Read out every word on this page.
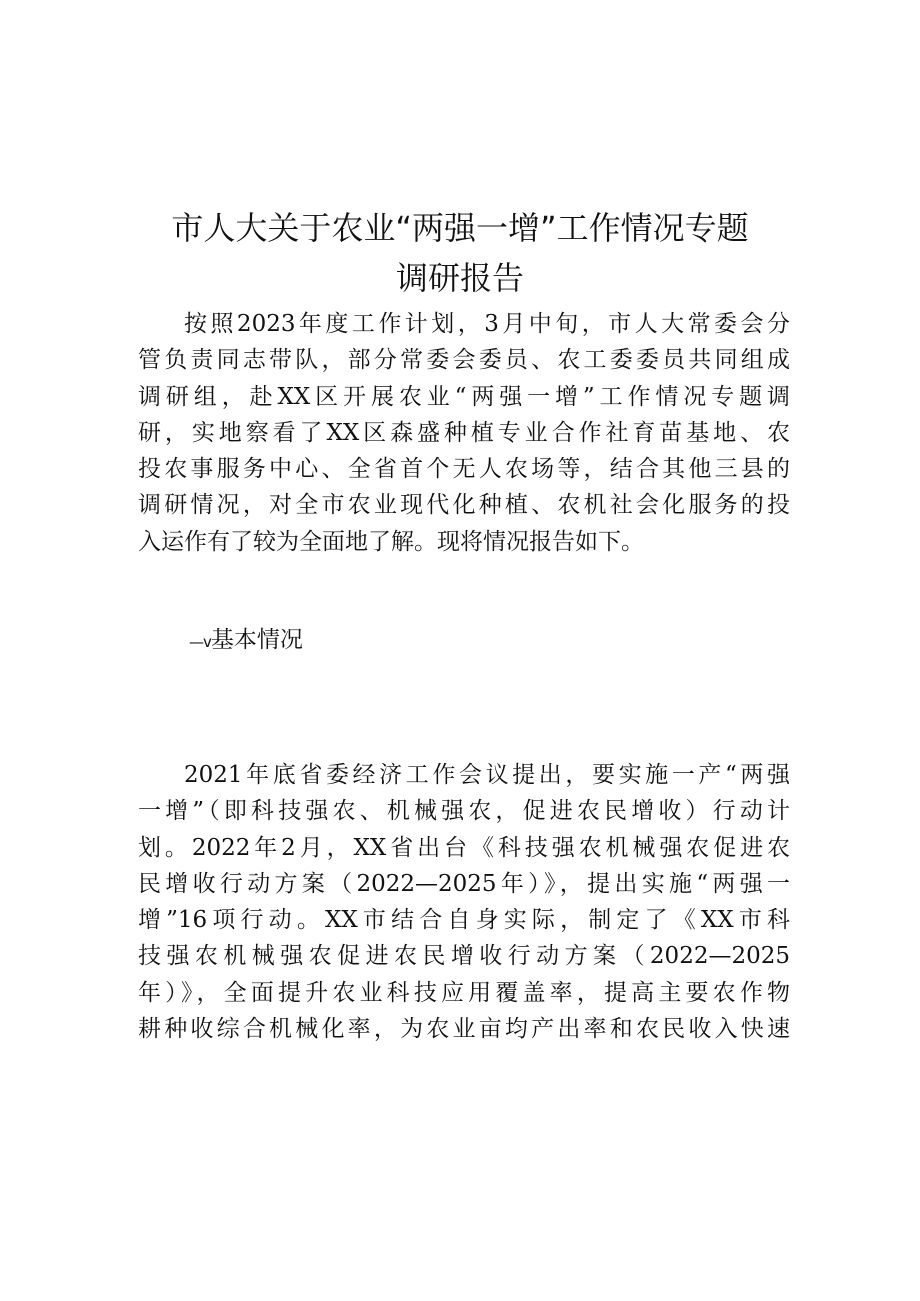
市人大关于农业“两强一增”工作情况专题
调研报告
按照2023年度工作计划，3月中旬，市人大常委会分
管负责同志带队，部分常委会委员、农工委委员共同组成
调研组，赴XX区开展农业“两强一增”工作情况专题调
研，实地察看了XX区森盛种植专业合作社育苗基地、农
投农事服务中心、全省首个无人农场等，结合其他三县的
调研情况，对全市农业现代化种植、农机社会化服务的投
入运作有了较为全面地了解。现将情况报告如下。
—v基本情况
2021年底省委经济工作会议提出，要实施一产“两强
一增”（即科技强农、机械强农，促进农民增收）行动计
划。2022年2月，XX省出台《科技强农机械强农促进农
民增收行动方案（2022—2025年）》，提出实施“两强一
增”16项行动。XX市结合自身实际，制定了《XX市科
技强农机械强农促进农民增收行动方案（2022—2025
年）》，全面提升农业科技应用覆盖率，提高主要农作物
耕种收综合机械化率，为农业亩均产出率和农民收入快速
